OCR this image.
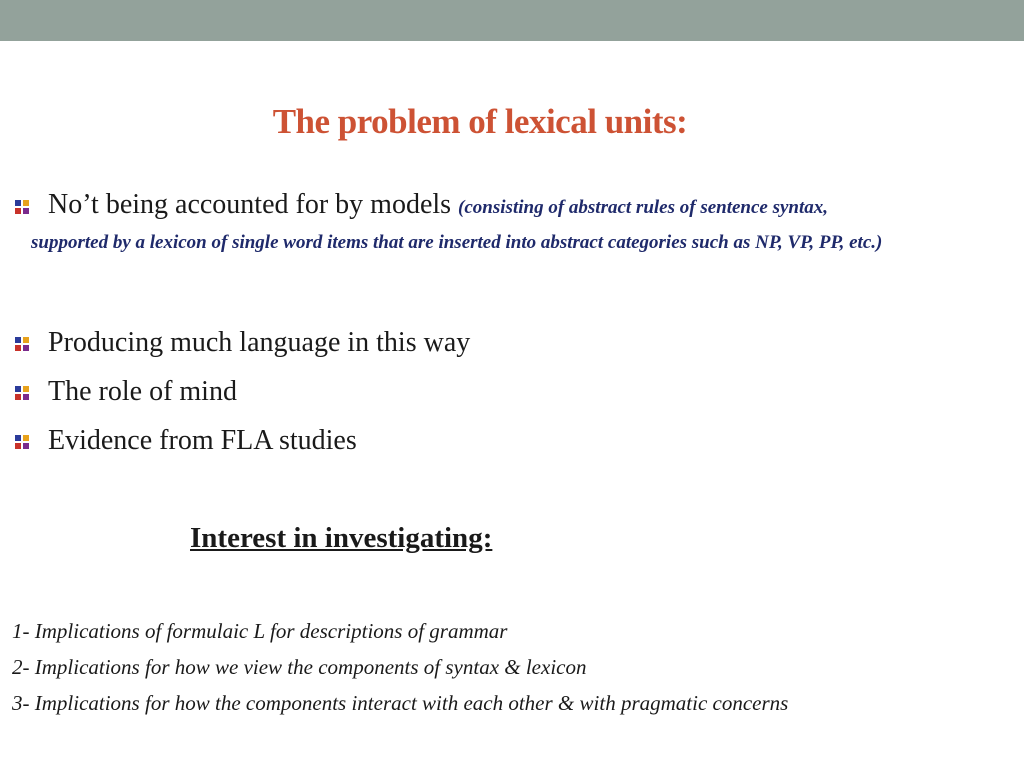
The problem of lexical units:
No’t being accounted for by models (consisting of abstract rules of sentence syntax,
supported by a lexicon of single word items that are inserted into abstract categories such as NP, VP, PP, etc.)
Producing much language in this way
The role of mind
Evidence from FLA studies
Interest in investigating:
1- Implications of formulaic L for descriptions of grammar
2- Implications for how we view the components of syntax & lexicon
3- Implications for how the components interact with each other & with pragmatic concerns
